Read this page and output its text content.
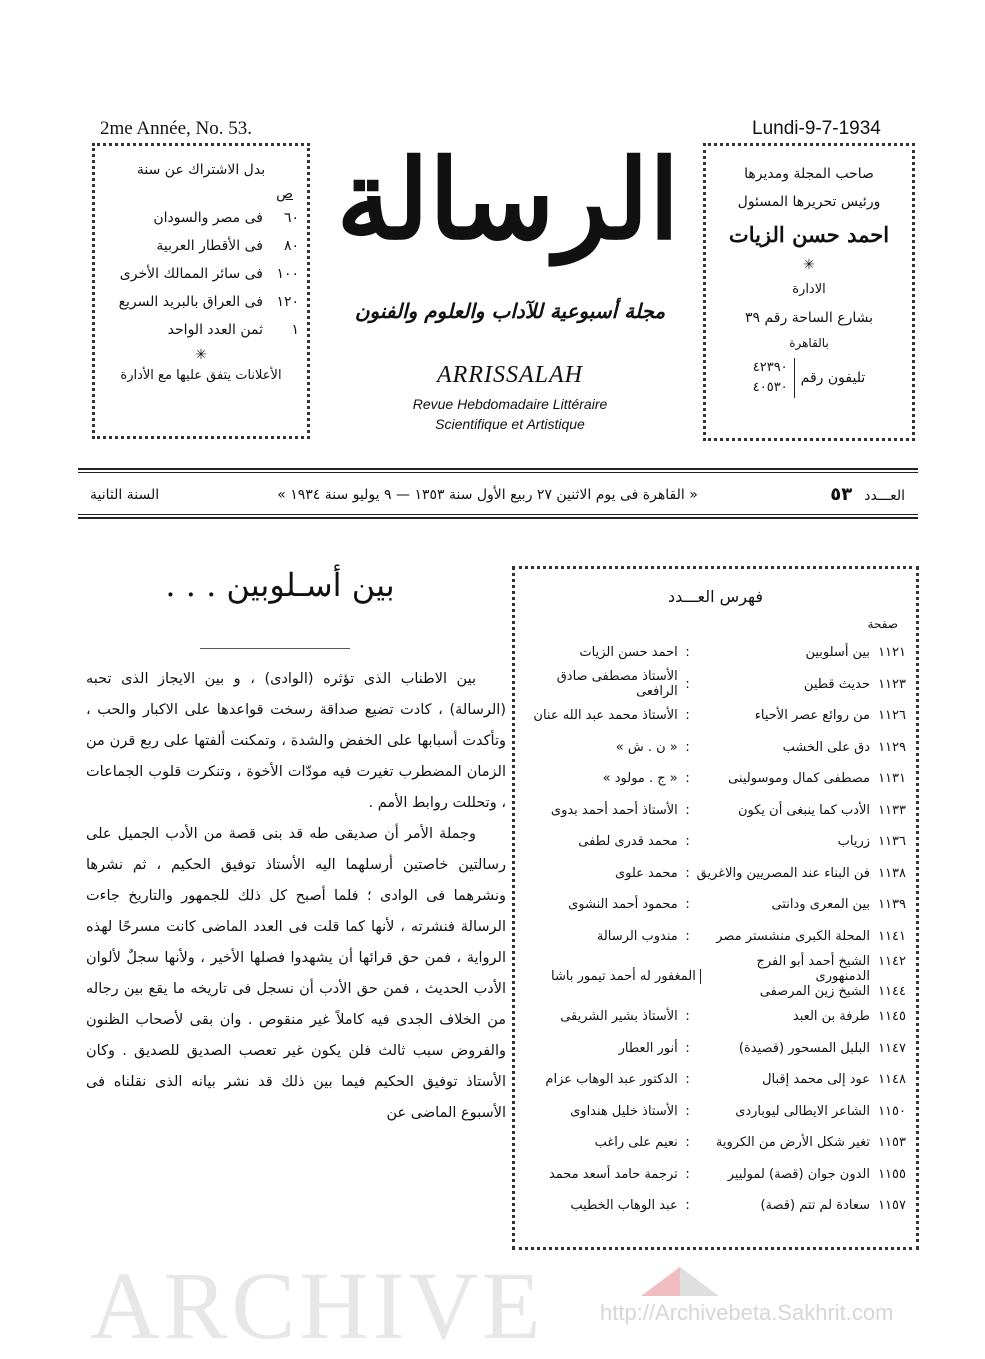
2me Année, No. 53.	Lundi-9-7-1934
بدل الاشتراك عن سنة
ص
٦٠
فى مصر والسودان
٨٠
فى الأقطار العربية
١٠٠
فى سائر الممالك الأخرى
١٢٠
فى العراق بالبريد السريع
١
ثمن العدد الواحد
✳
الأعلانات يتفق عليها مع الأدارة
صاحب المجلة ومديرها
ورئيس تحريرها المسئول
احمد حسن الزيات
✳
الادارة
بشارع الساحة رقم ٣٩
بالقاهرة
تليفون رقم
٤٢٣٩٠
٤٠٥٣٠
الرسالة
مجلة أسبوعية للآداب والعلوم والفنون
ARRISSALAH
Revue Hebdomadaire Littéraire
Scientifique et Artistique
العـــدد٥٣
« القاهرة فى يوم الاثنين ٢٧ ربيع الأول سنة ١٣٥٣ — ٩ يوليو سنة ١٩٣٤ »
السنة الثانية
بين أسـلوبين . . .

بين الاطناب الذى تؤثره (الوادى) ، و بين الايجاز الذى تحبه (الرسالة) ، كادت تضيع صداقة رسخت قواعدها على الاكبار والحب ، وتأكدت أسبابها على الخفض والشدة ، وتمكنت ألفتها على ربع قرن من الزمان المضطرب تغيرت فيه مودّات الأخوة ، وتنكرت قلوب الجماعات ، وتحللت روابط الأمم .

وجملة الأمر أن صديقى طه قد بنى قصة من الأدب الجميل على رسالتين خاصتين أرسلهما اليه الأستاذ توفيق الحكيم ، ثم نشرها ونشرهما فى الوادى ؛ فلما أصبح كل ذلك للجمهور والتاريخ جاءت الرسالة فنشرته ، لأنها كما قلت فى العدد الماضى كانت مسرحًا لهذه الرواية ، فمن حق قرائها أن يشهدوا فصلها الأخير ، ولأنها سجلٌ لألوان الأدب الحديث ، فمن حق الأدب أن نسجل فى تاريخه ما يقع بين رجاله من الخلاف الجدى فيه كاملاً غير منقوص . وان بقى لأصحاب الظنون والفروض سبب ثالث فلن يكون غير تعصب الصديق للصديق . وكان الأستاذ توفيق الحكيم فيما بين ذلك قد نشر بيانه الذى نقلناه فى الأسبوع الماضى عن

فهرس العـــدد
صفحة
١١٢١
بين أسلوبين
:
احمد حسن الزيات
١١٢٣
حديث قطين
:
الأستاذ مصطفى صادق الرافعى
١١٢٦
من روائع عصر الأحياء
:
الأستاذ محمد عبد الله عنان
١١٢٩
دق على الخشب
:
« ن . ش »
١١٣١
مصطفى كمال وموسولينى
:
« ج . مولود »
١١٣٣
الأدب كما ينبغى أن يكون
:
الأستاذ أحمد أحمد بدوى
١١٣٦
زرياب
:
محمد قدرى لطفى
١١٣٨
فن البناء عند المصريين والاغريق
:
محمد علوى
١١٣٩
بين المعرى ودانتى
:
محمود أحمد النشوى
١١٤١
المحلة الكبرى منشستر مصر
:
مندوب الرسالة
١١٤٢
الشيخ أحمد أبو الفرج الدمنهورى
١١٤٤
الشيخ زين المرصفى
المغفور له أحمد تيمور باشا
١١٤٥
طرفة بن العبد
:
الأستاذ بشير الشريقى
١١٤٧
البلبل المسحور (قصيدة)
:
أنور العطار
١١٤٨
عود إلى محمد إقبال
:
الدكتور عبد الوهاب عزام
١١٥٠
الشاعر الايطالى ليوباردى
:
الأستاذ خليل هنداوى
١١٥٣
تغير شكل الأرض من الكروية
:
نعيم على راغب
١١٥٥
الدون جوان (قصة) لموليير
:
ترجمة حامد أسعد محمد
١١٥٧
سعادة لم تتم (قصة)
:
عبد الوهاب الخطيب
ARCHIVE	http://Archivebeta.Sakhrit.com
